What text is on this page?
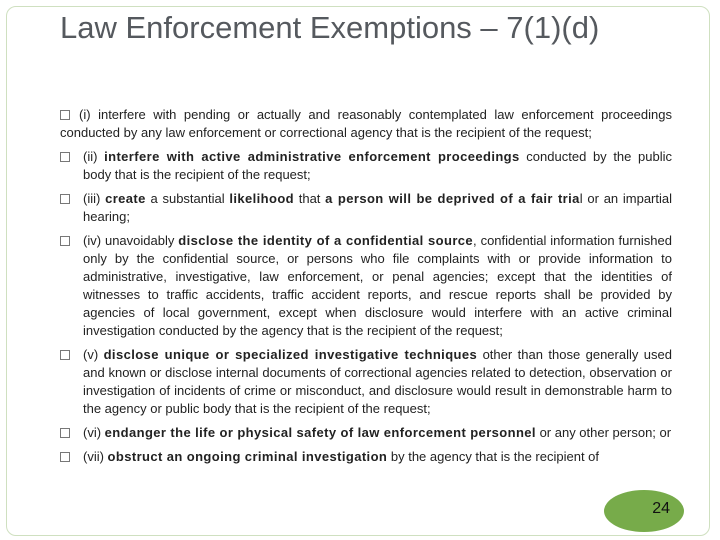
Law Enforcement Exemptions – 7(1)(d)
(i) interfere with pending or actually and reasonably contemplated law enforcement proceedings conducted by any law enforcement or correctional agency that is the recipient of the request;
(ii) interfere with active administrative enforcement proceedings conducted by the public body that is the recipient of the request;
(iii) create a substantial likelihood that a person will be deprived of a fair trial or an impartial hearing;
(iv) unavoidably disclose the identity of a confidential source, confidential information furnished only by the confidential source, or persons who file complaints with or provide information to administrative, investigative, law enforcement, or penal agencies; except that the identities of witnesses to traffic accidents, traffic accident reports, and rescue reports shall be provided by agencies of local government, except when disclosure would interfere with an active criminal investigation conducted by the agency that is the recipient of the request;
(v) disclose unique or specialized investigative techniques other than those generally used and known or disclose internal documents of correctional agencies related to detection, observation or investigation of incidents of crime or misconduct, and disclosure would result in demonstrable harm to the agency or public body that is the recipient of the request;
(vi) endanger the life or physical safety of law enforcement personnel or any other person; or
(vii) obstruct an ongoing criminal investigation by the agency that is the recipient of
24
